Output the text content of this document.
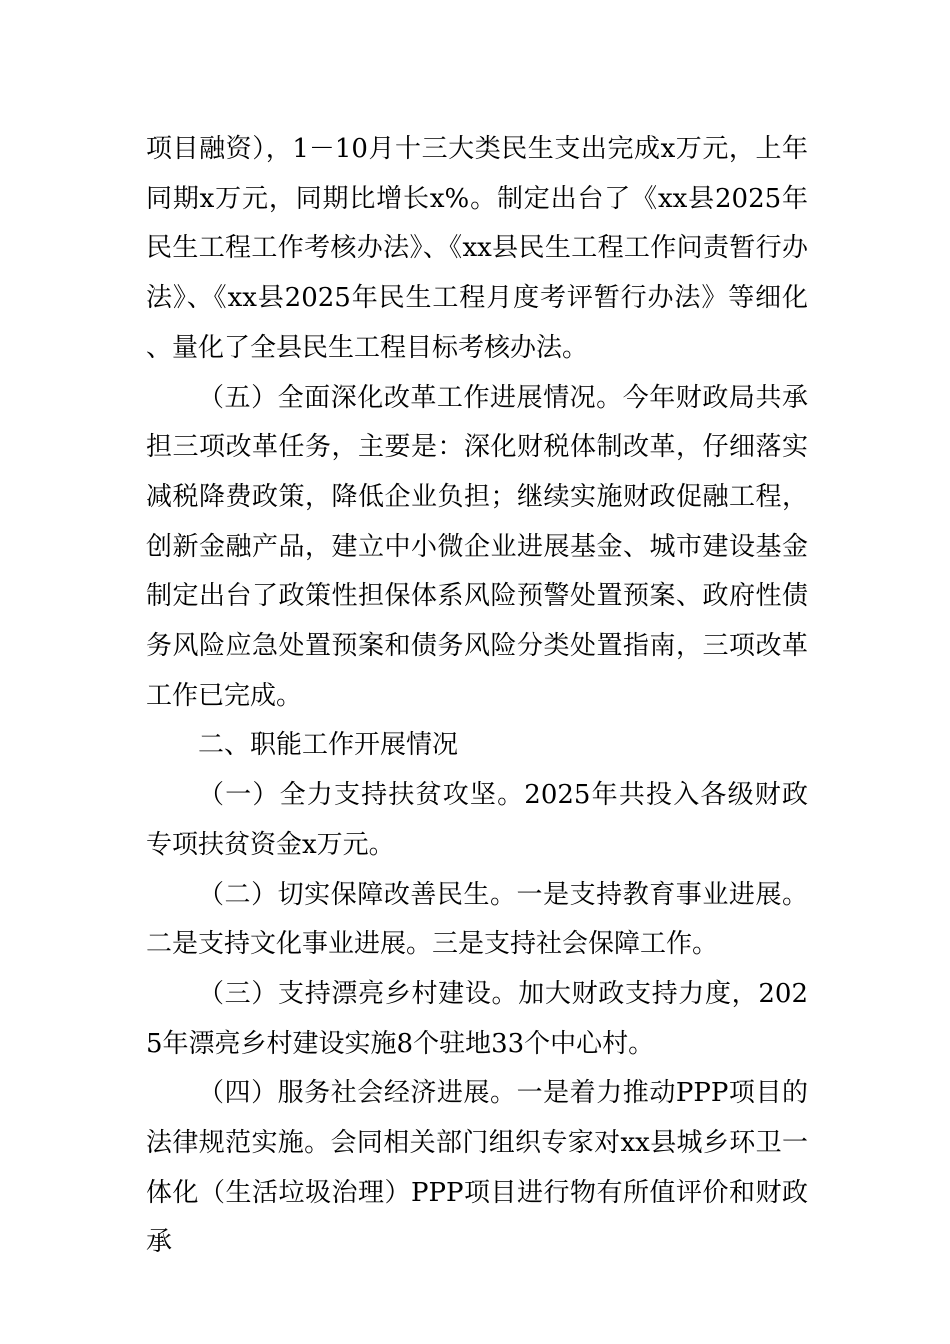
项目融资），1－10月十三大类民生支出完成x万元，上年同期x万元，同期比增长x%。制定出台了《xx县2025年民生工程工作考核办法》、《xx县民生工程工作问责暂行办法》、《xx县2025年民生工程月度考评暂行办法》等细化、量化了全县民生工程目标考核办法。

（五）全面深化改革工作进展情况。今年财政局共承担三项改革任务，主要是：深化财税体制改革，仔细落实减税降费政策，降低企业负担；继续实施财政促融工程，创新金融产品，建立中小微企业进展基金、城市建设基金制定出台了政策性担保体系风险预警处置预案、政府性债务风险应急处置预案和债务风险分类处置指南，三项改革工作已完成。

二、职能工作开展情况

（一）全力支持扶贫攻坚。2025年共投入各级财政专项扶贫资金x万元。

（二）切实保障改善民生。一是支持教育事业进展。二是支持文化事业进展。三是支持社会保障工作。

（三）支持漂亮乡村建设。加大财政支持力度，2025年漂亮乡村建设实施8个驻地33个中心村。

（四）服务社会经济进展。一是着力推动PPP项目的法律规范实施。会同相关部门组织专家对xx县城乡环卫一体化（生活垃圾治理）PPP项目进行物有所值评价和财政承
